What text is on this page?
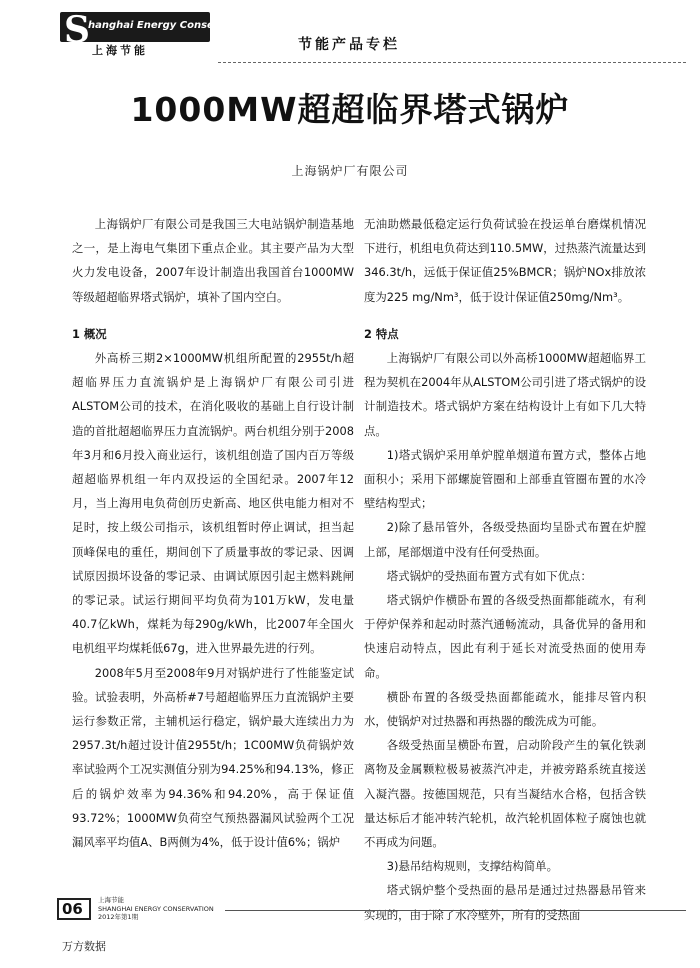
S
hanghai Energy Conservation
上海节能	节能产品专栏
1000MW超超临界塔式锅炉
上海锅炉厂有限公司

上海锅炉厂有限公司是我国三大电站锅炉制造基地之一，是上海电气集团下重点企业。其主要产品为大型火力发电设备，2007年设计制造出我国首台1000MW等级超超临界塔式锅炉，填补了国内空白。

1 概况

外高桥三期2×1000MW机组所配置的2955t/h超超临界压力直流锅炉是上海锅炉厂有限公司引进ALSTOM公司的技术，在消化吸收的基础上自行设计制造的首批超超临界压力直流锅炉。两台机组分别于2008年3月和6月投入商业运行，该机组创造了国内百万等级超超临界机组一年内双投运的全国纪录。2007年12月，当上海用电负荷创历史新高、地区供电能力相对不足时，按上级公司指示，该机组暂时停止调试，担当起顶峰保电的重任，期间创下了质量事故的零记录、因调试原因损坏设备的零记录、由调试原因引起主燃料跳闸的零记录。试运行期间平均负荷为101万kW，发电量40.7亿kWh，煤耗为每290g/kWh，比2007年全国火电机组平均煤耗低67g，进入世界最先进的行列。

2008年5月至2008年9月对锅炉进行了性能鉴定试验。试验表明，外高桥#7号超超临界压力直流锅炉主要运行参数正常，主辅机运行稳定，锅炉最大连续出力为2957.3t/h超过设计值2955t/h；1C00MW负荷锅炉效率试验两个工况实测值分别为94.25%和94.13%，修正后的锅炉效率为94.36%和94.20%，高于保证值93.72%；1000MW负荷空气预热器漏风试验两个工况漏风率平均值A、B两侧为4%，低于设计值6%；锅炉

无油助燃最低稳定运行负荷试验在投运单台磨煤机情况下进行，机组电负荷达到110.5MW，过热蒸汽流量达到346.3t/h，远低于保证值25%BMCR；锅炉NOx排放浓度为225 mg/Nm³，低于设计保证值250mg/Nm³。

2 特点

上海锅炉厂有限公司以外高桥1000MW超超临界工程为契机在2004年从ALSTOM公司引进了塔式锅炉的设计制造技术。塔式锅炉方案在结构设计上有如下几大特点。

1)塔式锅炉采用单炉膛单烟道布置方式，整体占地面积小；采用下部螺旋管圈和上部垂直管圈布置的水冷壁结构型式；

2)除了悬吊管外，各级受热面均呈卧式布置在炉膛上部，尾部烟道中没有任何受热面。

塔式锅炉的受热面布置方式有如下优点：

塔式锅炉作横卧布置的各级受热面都能疏水，有利于停炉保养和起动时蒸汽通畅流动，具备优异的备用和快速启动特点，因此有利于延长对流受热面的使用寿命。

横卧布置的各级受热面都能疏水，能排尽管内积水，使锅炉对过热器和再热器的酸洗成为可能。

各级受热面呈横卧布置，启动阶段产生的氧化铁剥离物及金属颗粒极易被蒸汽冲走，并被旁路系统直接送入凝汽器。按德国规范，只有当凝结水合格，包括含铁量达标后才能冲转汽轮机，故汽轮机固体粒子腐蚀也就不再成为问题。

3)悬吊结构规则，支撑结构简单。

塔式锅炉整个受热面的悬吊是通过过热器悬吊管来实现的，由于除了水冷壁外，所有的受热面

06	上海节能
SHANGHAI ENERGY CONSERVATION
2012年第1期
万方数据
